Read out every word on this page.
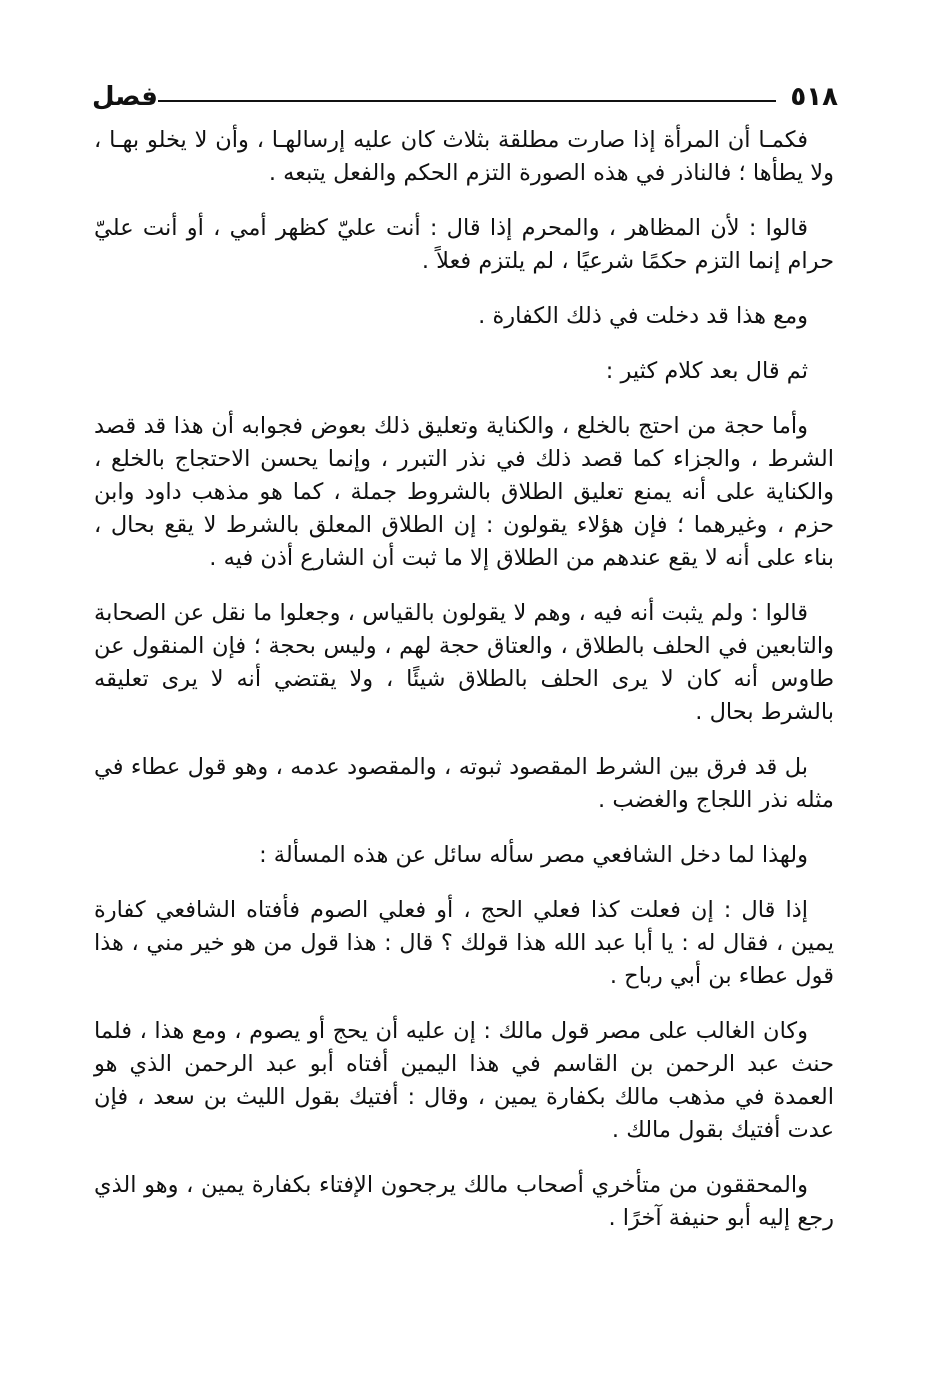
٥١٨
فصل

فكمـا أن المرأة إذا صارت مطلقة بثلاث كان عليه إرسالهـا ، وأن لا يخلو بهـا ، ولا يطأها ؛ فالناذر في هذه الصورة التزم الحكم والفعل يتبعه .

قالوا : لأن المظاهر ، والمحرم إذا قال : أنت عليّ كظهر أمي ، أو أنت عليّ حرام إنما التزم حكمًا شرعيًا ، لم يلتزم فعلاً .

ومع هذا قد دخلت في ذلك الكفارة .

ثم قال بعد كلام كثير :

وأما حجة من احتج بالخلع ، والكناية وتعليق ذلك بعوض فجوابه أن هذا قد قصد الشرط ، والجزاء كما قصد ذلك في نذر التبرر ، وإنما يحسن الاحتجاج بالخلع ، والكناية على أنه يمنع تعليق الطلاق بالشروط جملة ، كما هو مذهب داود وابن حزم ، وغيرهما ؛ فإن هؤلاء يقولون : إن الطلاق المعلق بالشرط لا يقع بحال ، بناء على أنه لا يقع عندهم من الطلاق إلا ما ثبت أن الشارع أذن فيه .

قالوا : ولم يثبت أنه فيه ، وهم لا يقولون بالقياس ، وجعلوا ما نقل عن الصحابة والتابعين في الحلف بالطلاق ، والعتاق حجة لهم ، وليس بحجة ؛ فإن المنقول عن طاوس أنه كان لا يرى الحلف بالطلاق شيئًا ، ولا يقتضي أنه لا يرى تعليقه بالشرط بحال .

بل قد فرق بين الشرط المقصود ثبوته ، والمقصود عدمه ، وهو قول عطاء في مثله نذر اللجاج والغضب .

ولهذا لما دخل الشافعي مصر سأله سائل عن هذه المسألة :

إذا قال : إن فعلت كذا فعلي الحج ، أو فعلي الصوم فأفتاه الشافعي كفارة يمين ، فقال له : يا أبا عبد الله هذا قولك ؟ قال : هذا قول من هو خير مني ، هذا قول عطاء بن أبي رباح .

وكان الغالب على مصر قول مالك : إن عليه أن يحج أو يصوم ، ومع هذا ، فلما حنث عبد الرحمن بن القاسم في هذا اليمين أفتاه أبو عبد الرحمن الذي هو العمدة في مذهب مالك بكفارة يمين ، وقال : أفتيك بقول الليث بن سعد ، فإن عدت أفتيك بقول مالك .

والمحققون من متأخري أصحاب مالك يرجحون الإفتاء بكفارة يمين ، وهو الذي رجع إليه أبو حنيفة آخرًا .
